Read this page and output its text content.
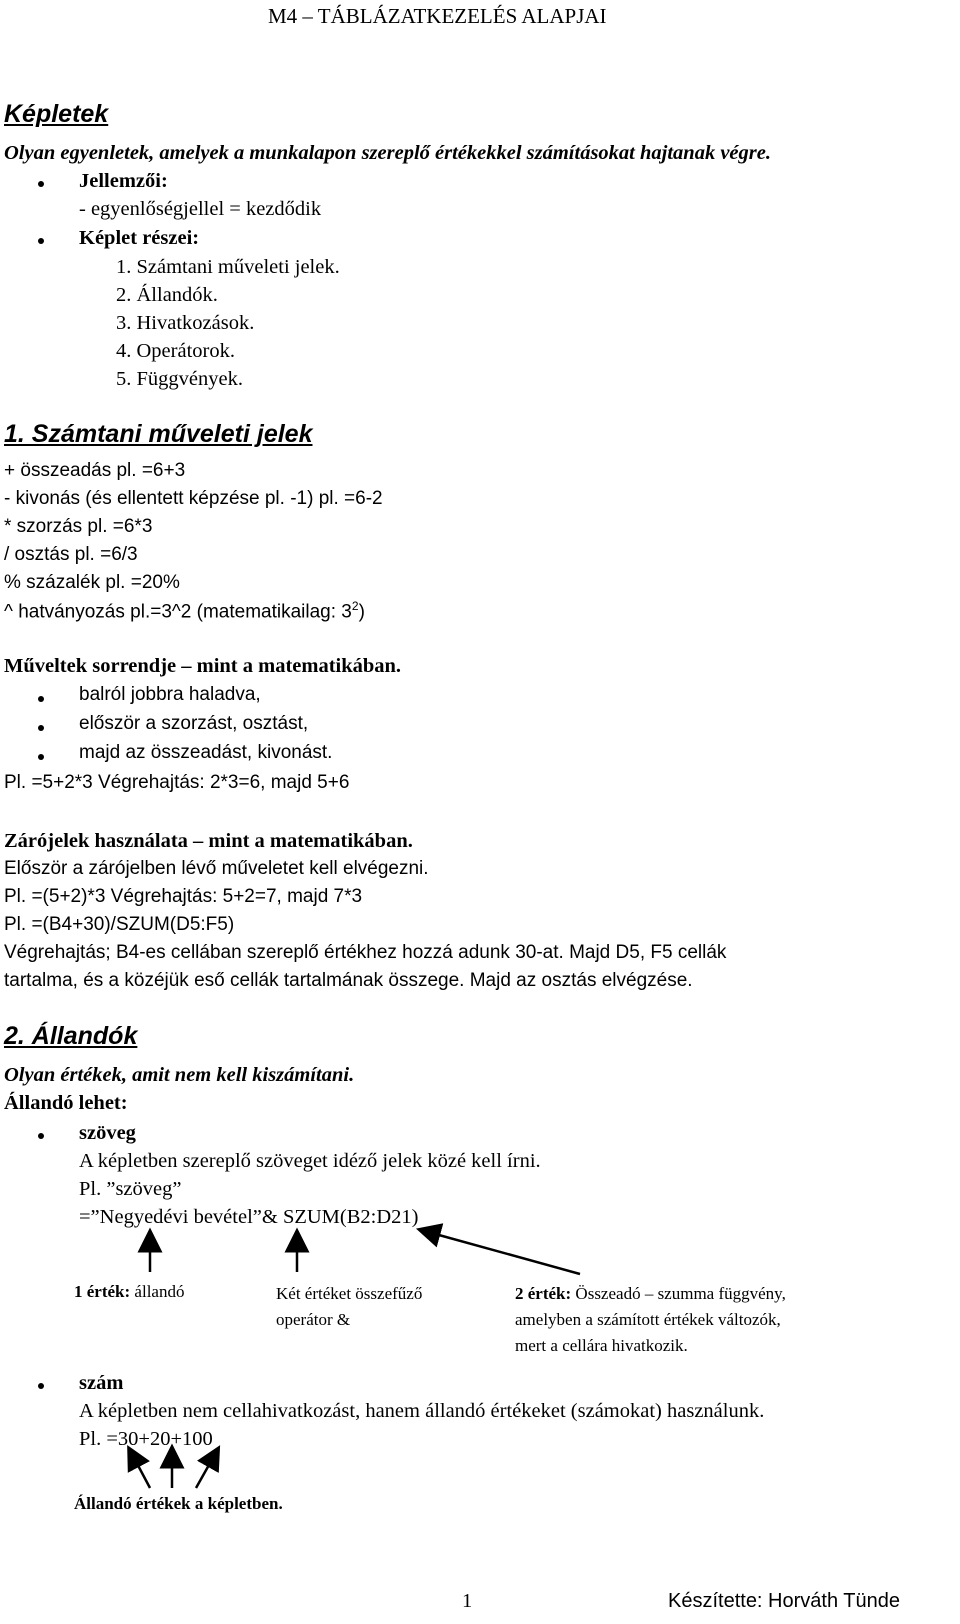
M4 – TÁBLÁZATKEZELÉS ALAPJAI
Képletek
Olyan egyenletek, amelyek a munkalapon szereplő értékekkel számításokat hajtanak végre.
Jellemzői:
- egyenlőségjellel = kezdődik
Képlet részei:
1. Számtani műveleti jelek.
2. Állandók.
3. Hivatkozások.
4. Operátorok.
5. Függvények.
1. Számtani műveleti jelek
+ összeadás pl. =6+3
- kivonás (és ellentett képzése pl. -1) pl. =6-2
* szorzás pl. =6*3
/ osztás pl. =6/3
% százalék pl. =20%
^ hatványozás pl.=3^2 (matematikailag: $3^2$)
Műveltek sorrendje – mint a matematikában.
balról jobbra haladva,
először a szorzást, osztást,
majd az összeadást, kivonást.
Pl. =5+2*3 Végrehajtás: 2*3=6, majd 5+6
Zárójelek használata – mint a matematikában.
Először a zárójelben lévő műveletet kell elvégezni.
Pl. =(5+2)*3 Végrehajtás: 5+2=7, majd 7*3
Pl. =(B4+30)/SZUM(D5:F5)
Végrehajtás; B4-es cellában szereplő értékhez hozzá adunk 30-at. Majd D5, F5 cellák
tartalma, és a közéjük eső cellák tartalmának összege. Majd az osztás elvégzése.
2. Állandók
Olyan értékek, amit nem kell kiszámítani.
Állandó lehet:
szöveg
A képletben szereplő szöveget idéző jelek közé kell írni.
Pl. ”szöveg”
=”Negyedévi bevétel”& SZUM(B2:D21)
1 érték: állandó	Két értéket összefűző
operátor &
2 érték: Összeadó – szumma függvény,
amelyben a számított értékek változók,
mert a cellára hivatkozik.
szám
A képletben nem cellahivatkozást, hanem állandó értékeket (számokat) használunk.
Pl. =30+20+100
Állandó értékek a képletben.
1	Készítette: Horváth Tünde
